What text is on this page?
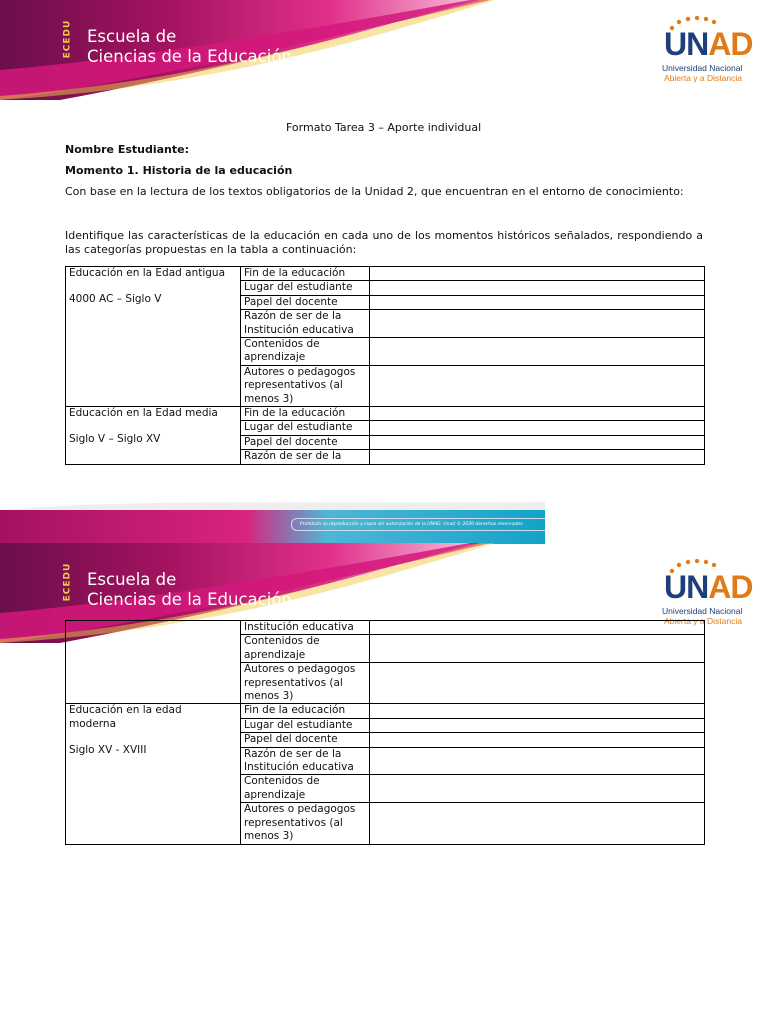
ECEDU Escuela de
Ciencias de la Educación	UNAD
Universidad Nacional
Abierta y a Distancia
Formato Tarea 3 – Aporte individual
Nombre Estudiante:
Momento 1. Historia de la educación
Con base en la lectura de los textos obligatorios de la Unidad 2, que encuentran en el entorno de conocimiento:
Identifique las características de la educación en cada uno de los momentos históricos señalados, respondiendo a las categorías propuestas en la tabla a continuación:
Educación en la Edad antigua
4000 AC – Siglo V	Fin de la educación	
	Lugar del estudiante	
	Papel del docente	

	Razón de ser de la
Institución educativa	

	Contenidos de
aprendizaje	

	Autores o pedagogos
representativos (al
menos 3)	

Educación en la Edad media
Siglo V – Siglo XV	Fin de la educación	
	Lugar del estudiante	
	Papel del docente	
	Razón de ser de la	
Prohibida su reproducción y copia sin autorización de la UNAD. Unad © 2020 derechos reservados.
ECEDU Escuela de
Ciencias de la Educación	UNAD
Universidad Nacional
Abierta y a Distancia
	Institución educativa	

	Contenidos de
aprendizaje	

	Autores o pedagogos
representativos (al
menos 3)	

Educación en la edad
moderna
Siglo XV - XVIII	Fin de la educación	
	Lugar del estudiante	
	Papel del docente	

	Razón de ser de la
Institución educativa	

	Contenidos de
aprendizaje	

	Autores o pedagogos
representativos (al
menos 3)	
